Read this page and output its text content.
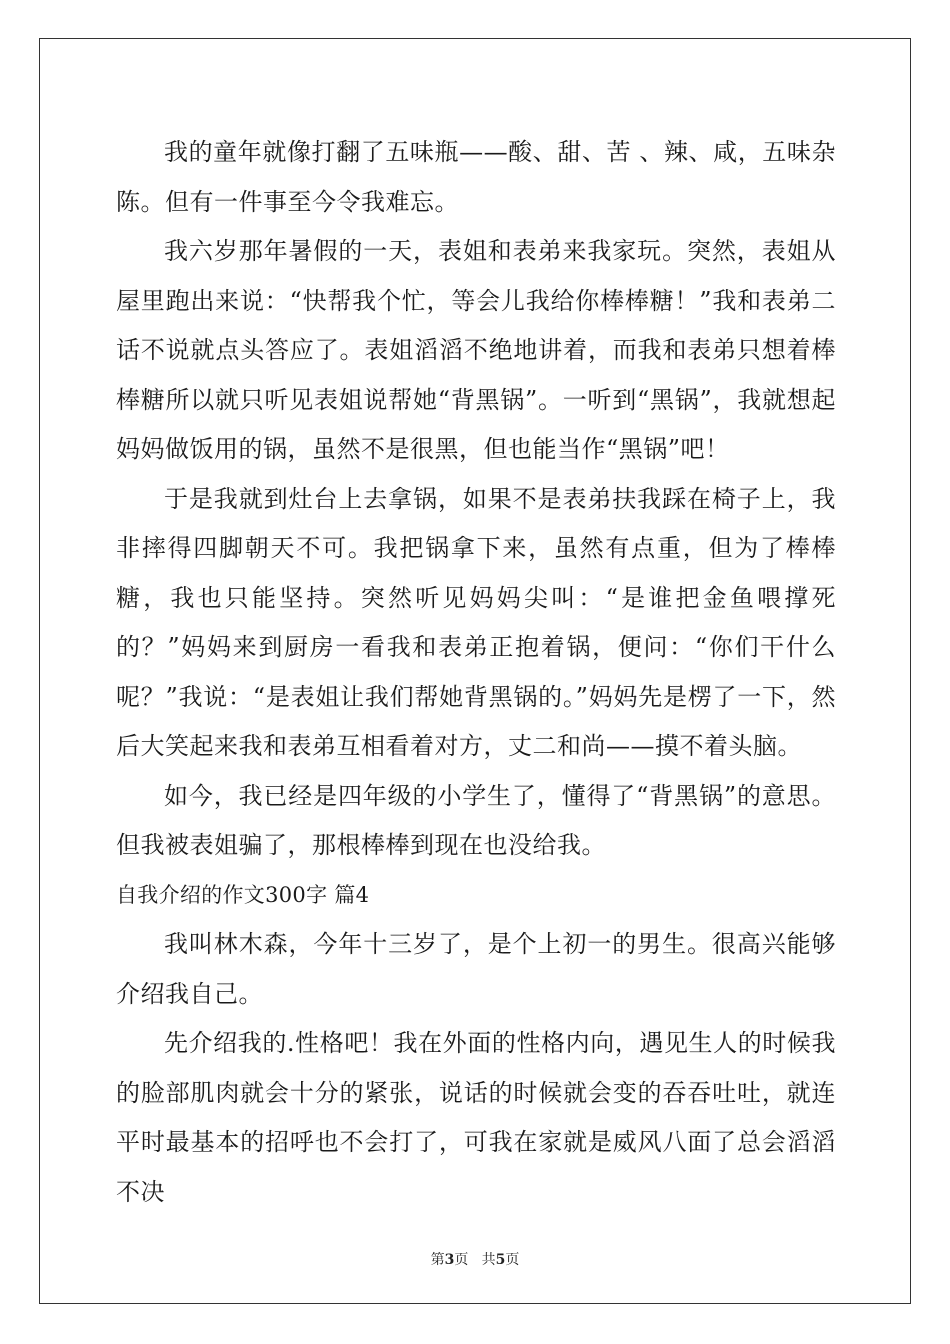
我的童年就像打翻了五味瓶——酸、甜、苦 、辣、咸，五味杂陈。但有一件事至今令我难忘。

我六岁那年暑假的一天，表姐和表弟来我家玩。突然，表姐从屋里跑出来说：“快帮我个忙，等会儿我给你棒棒糖！”我和表弟二话不说就点头答应了。表姐滔滔不绝地讲着，而我和表弟只想着棒棒糖所以就只听见表姐说帮她“背黑锅”。一听到“黑锅”，我就想起妈妈做饭用的锅，虽然不是很黑，但也能当作“黑锅”吧！

于是我就到灶台上去拿锅，如果不是表弟扶我踩在椅子上，我非摔得四脚朝天不可。我把锅拿下来，虽然有点重，但为了棒棒糖，我也只能坚持。突然听见妈妈尖叫：“是谁把金鱼喂撑死的？”妈妈来到厨房一看我和表弟正抱着锅，便问：“你们干什么呢？”我说：“是表姐让我们帮她背黑锅的。”妈妈先是楞了一下，然后大笑起来我和表弟互相看着对方，丈二和尚——摸不着头脑。

如今，我已经是四年级的小学生了，懂得了“背黑锅”的意思。但我被表姐骗了，那根棒棒到现在也没给我。

自我介绍的作文300字 篇4

我叫林木森，今年十三岁了，是个上初一的男生。很高兴能够介绍我自己。

先介绍我的.性格吧！我在外面的性格内向，遇见生人的时候我的脸部肌肉就会十分的紧张，说话的时候就会变的吞吞吐吐，就连平时最基本的招呼也不会打了，可我在家就是威风八面了总会滔滔不决

第3页   共5页
